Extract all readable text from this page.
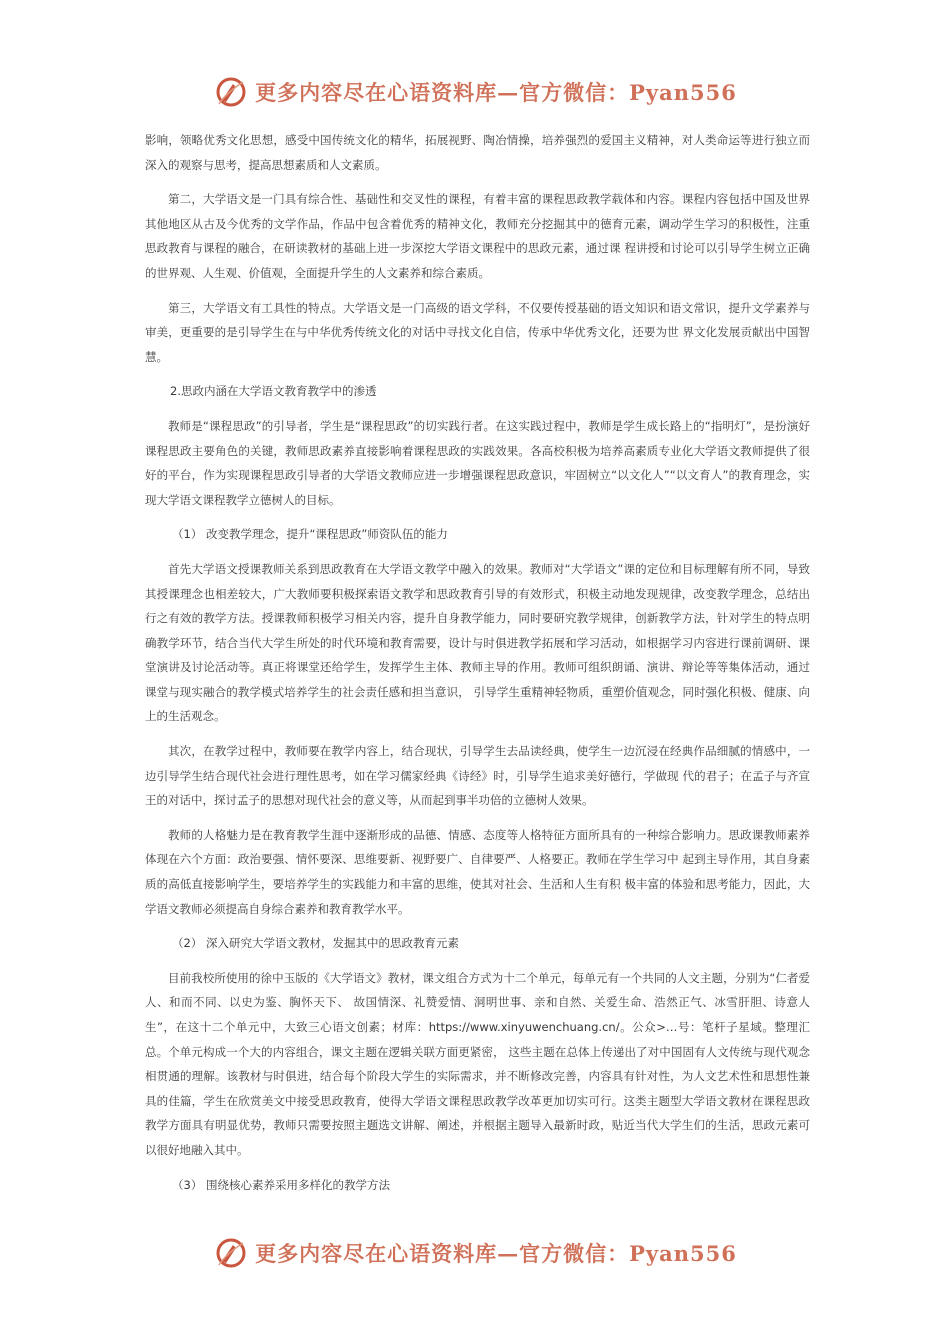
更多内容尽在心语资料库—官方微信：Pyan556

影响，领略优秀文化思想，感受中国传统文化的精华，拓展视野、陶冶情操，培养强烈的爱国主义精神，对人类命运等进行独立而深入的观察与思考，提高思想素质和人文素质。

第二，大学语文是一门具有综合性、基础性和交叉性的课程，有着丰富的课程思政教学载体和内容。课程内容包括中国及世界其他地区从古及今优秀的文学作品，作品中包含着优秀的精神文化，教师充分挖掘其中的德育元素，调动学生学习的积极性，注重思政教育与课程的融合，在研读教材的基础上进一步深挖大学语文课程中的思政元素，通过课 程讲授和讨论可以引导学生树立正确的世界观、人生观、价值观，全面提升学生的人文素养和综合素质。

第三，大学语文有工具性的特点。大学语文是一门高级的语文学科，不仅要传授基础的语文知识和语文常识，提升文学素养与审美，更重要的是引导学生在与中华优秀传统文化的对话中寻找文化自信，传承中华优秀文化，还要为世 界文化发展贡献出中国智慧。

2.思政内涵在大学语文教育教学中的渗透

教师是“课程思政”的引导者，学生是“课程思政”的切实践行者。在这实践过程中，教师是学生成长路上的“指明灯”，是扮演好课程思政主要角色的关键，教师思政素养直接影响着课程思政的实践效果。各高校积极为培养高素质专业化大学语文教师提供了很好的平台，作为实现课程思政引导者的大学语文教师应进一步增强课程思政意识，牢固树立“以文化人”“以文育人”的教育理念，实现大学语文课程教学立德树人的目标。

（1） 改变教学理念，提升“课程思政”师资队伍的能力

首先大学语文授课教师关系到思政教育在大学语文教学中融入的效果。教师对“大学语文”课的定位和目标理解有所不同，导致其授课理念也相差较大，广大教师要积极探索语文教学和思政教育引导的有效形式，积极主动地发现规律，改变教学理念，总结出行之有效的教学方法。授课教师积极学习相关内容，提升自身教学能力，同时要研究教学规律，创新教学方法，针对学生的特点明确教学环节，结合当代大学生所处的时代环境和教育需要，设计与时俱进教学拓展和学习活动，如根据学习内容进行课前调研、课堂演讲及讨论活动等。真正将课堂还给学生，发挥学生主体、教师主导的作用。教师可组织朗诵、演讲、辩论等等集体活动，通过课堂与现实融合的教学模式培养学生的社会责任感和担当意识， 引导学生重精神轻物质，重塑价值观念，同时强化积极、健康、向上的生活观念。

其次，在教学过程中，教师要在教学内容上，结合现状，引导学生去品读经典，使学生一边沉浸在经典作品细腻的情感中，一边引导学生结合现代社会进行理性思考，如在学习儒家经典《诗经》时，引导学生追求美好德行，学做现 代的君子；在孟子与齐宣王的对话中，探讨孟子的思想对现代社会的意义等，从而起到事半功倍的立德树人效果。

教师的人格魅力是在教育教学生涯中逐渐形成的品德、情感、态度等人格特征方面所具有的一种综合影响力。思政课教师素养体现在六个方面：政治要强、情怀要深、思维要新、视野要广、自律要严、人格要正。教师在学生学习中 起到主导作用，其自身素质的高低直接影响学生，要培养学生的实践能力和丰富的思维，使其对社会、生活和人生有积 极丰富的体验和思考能力，因此，大学语文教师必须提高自身综合素养和教育教学水平。

（2） 深入研究大学语文教材，发掘其中的思政教育元素

目前我校所使用的徐中玉版的《大学语文》教材，课文组合方式为十二个单元，每单元有一个共同的人文主题，分别为“仁者爱人、和而不同、以史为鉴、胸怀天下、 故国情深、礼赞爱情、洞明世事、亲和自然、关爱生命、浩然正气、冰雪肝胆、诗意人生”，在这十二个单元中，大致三心语文创素；材库：https://www.xinyuwenchuang.cn/。公众>…号：笔杆子星域。整理汇总。个单元构成一个大的内容组合，课文主题在逻辑关联方面更紧密， 这些主题在总体上传递出了对中国固有人文传统与现代观念相贯通的理解。该教材与时俱进，结合每个阶段大学生的实际需求，并不断修改完善，内容具有针对性，为人文艺术性和思想性兼具的佳篇，学生在欣赏美文中接受思政教育，使得大学语文课程思政教学改革更加切实可行。这类主题型大学语文教材在课程思政教学方面具有明显优势，教师只需要按照主题选文讲解、阐述，并根据主题导入最新时政，贴近当代大学生们的生活，思政元素可以很好地融入其中。

（3） 围绕核心素养采用多样化的教学方法

更多内容尽在心语资料库—官方微信：Pyan556
